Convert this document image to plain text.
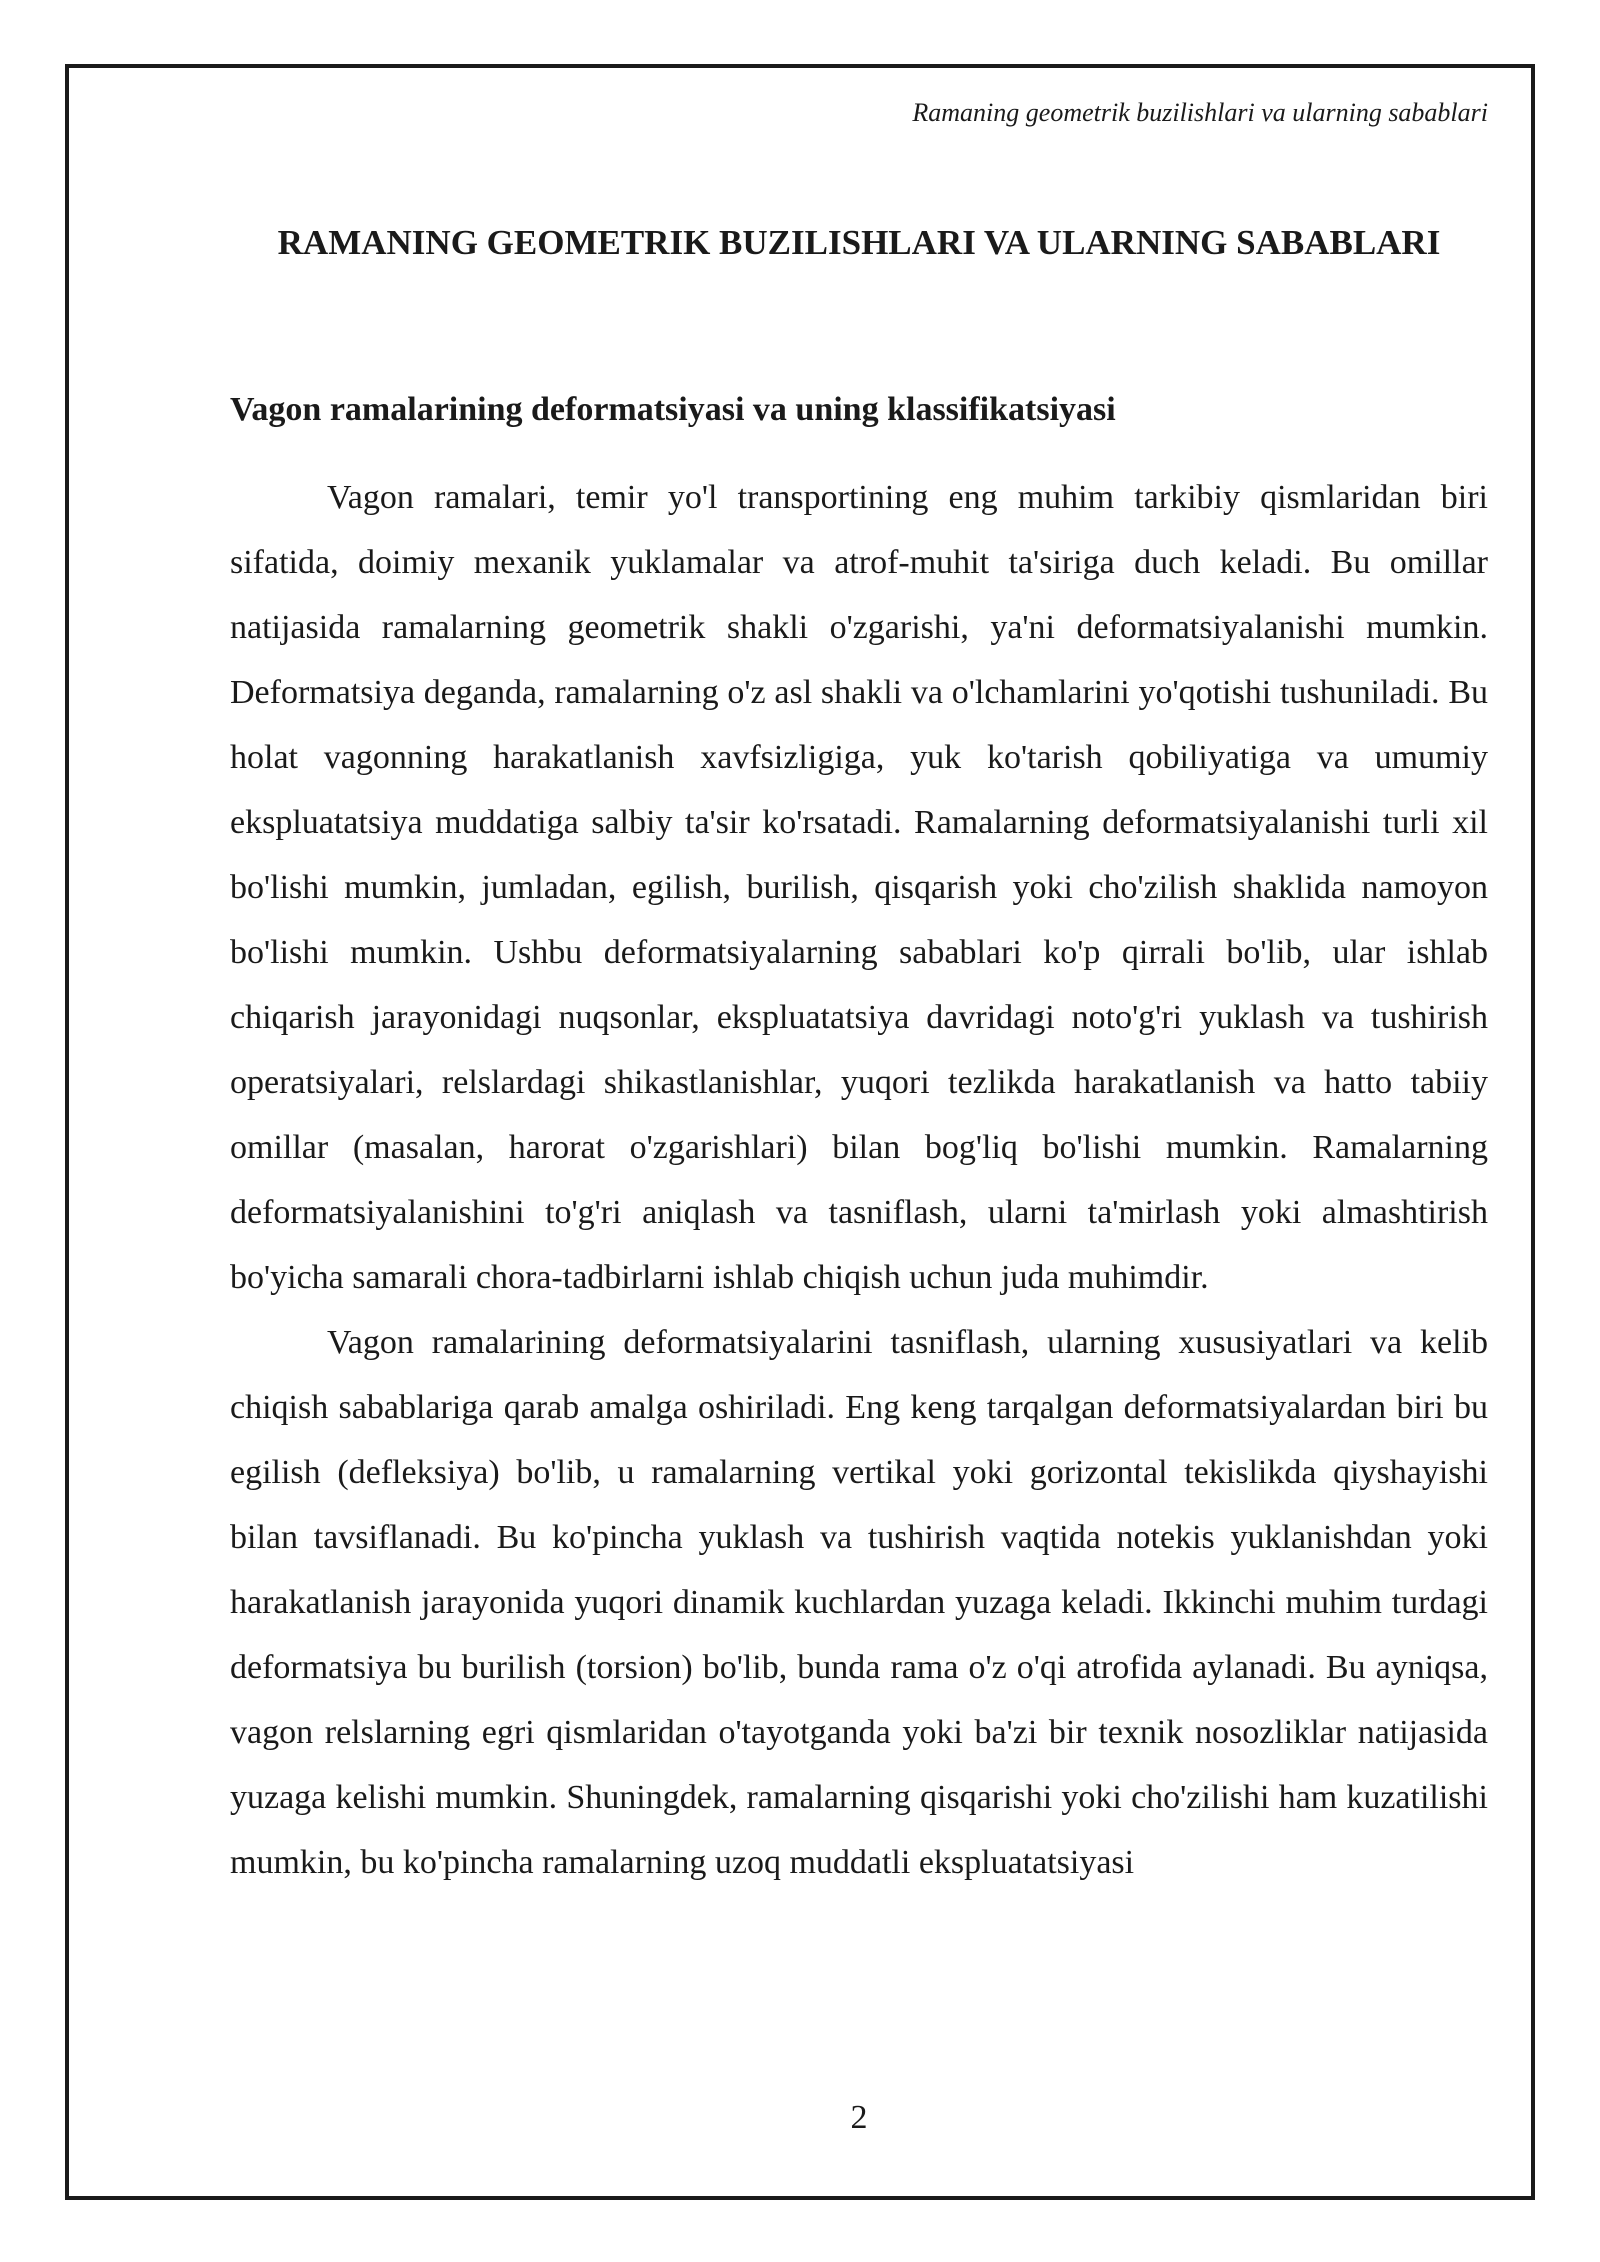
Ramaning geometrik buzilishlari va ularning sabablari
RAMANING GEOMETRIK BUZILISHLARI VA ULARNING SABABLARI
Vagon ramalarining deformatsiyasi va uning klassifikatsiyasi

Vagon ramalari, temir yo'l transportining eng muhim tarkibiy qismlaridan biri sifatida, doimiy mexanik yuklamalar va atrof-muhit ta'siriga duch keladi. Bu omillar natijasida ramalarning geometrik shakli o'zgarishi, ya'ni deformatsiyalanishi mumkin. Deformatsiya deganda, ramalarning o'z asl shakli va o'lchamlarini yo'qotishi tushuniladi. Bu holat vagonning harakatlanish xavfsizligiga, yuk ko'tarish qobiliyatiga va umumiy ekspluatatsiya muddatiga salbiy ta'sir ko'rsatadi. Ramalarning deformatsiyalanishi turli xil bo'lishi mumkin, jumladan, egilish, burilish, qisqarish yoki cho'zilish shaklida namoyon bo'lishi mumkin. Ushbu deformatsiyalarning sabablari ko'p qirrali bo'lib, ular ishlab chiqarish jarayonidagi nuqsonlar, ekspluatatsiya davridagi noto'g'ri yuklash va tushirish operatsiyalari, relslardagi shikastlanishlar, yuqori tezlikda harakatlanish va hatto tabiiy omillar (masalan, harorat o'zgarishlari) bilan bog'liq bo'lishi mumkin. Ramalarning deformatsiyalanishini to'g'ri aniqlash va tasniflash, ularni ta'mirlash yoki almashtirish bo'yicha samarali chora-tadbirlarni ishlab chiqish uchun juda muhimdir.

Vagon ramalarining deformatsiyalarini tasniflash, ularning xususiyatlari va kelib chiqish sabablariga qarab amalga oshiriladi. Eng keng tarqalgan deformatsiyalardan biri bu egilish (defleksiya) bo'lib, u ramalarning vertikal yoki gorizontal tekislikda qiyshayishi bilan tavsiflanadi. Bu ko'pincha yuklash va tushirish vaqtida notekis yuklanishdan yoki harakatlanish jarayonida yuqori dinamik kuchlardan yuzaga keladi. Ikkinchi muhim turdagi deformatsiya bu burilish (torsion) bo'lib, bunda rama o'z o'qi atrofida aylanadi. Bu ayniqsa, vagon relslarning egri qismlaridan o'tayotganda yoki ba'zi bir texnik nosozliklar natijasida yuzaga kelishi mumkin. Shuningdek, ramalarning qisqarishi yoki cho'zilishi ham kuzatilishi mumkin, bu ko'pincha ramalarning uzoq muddatli ekspluatatsiyasi

2
